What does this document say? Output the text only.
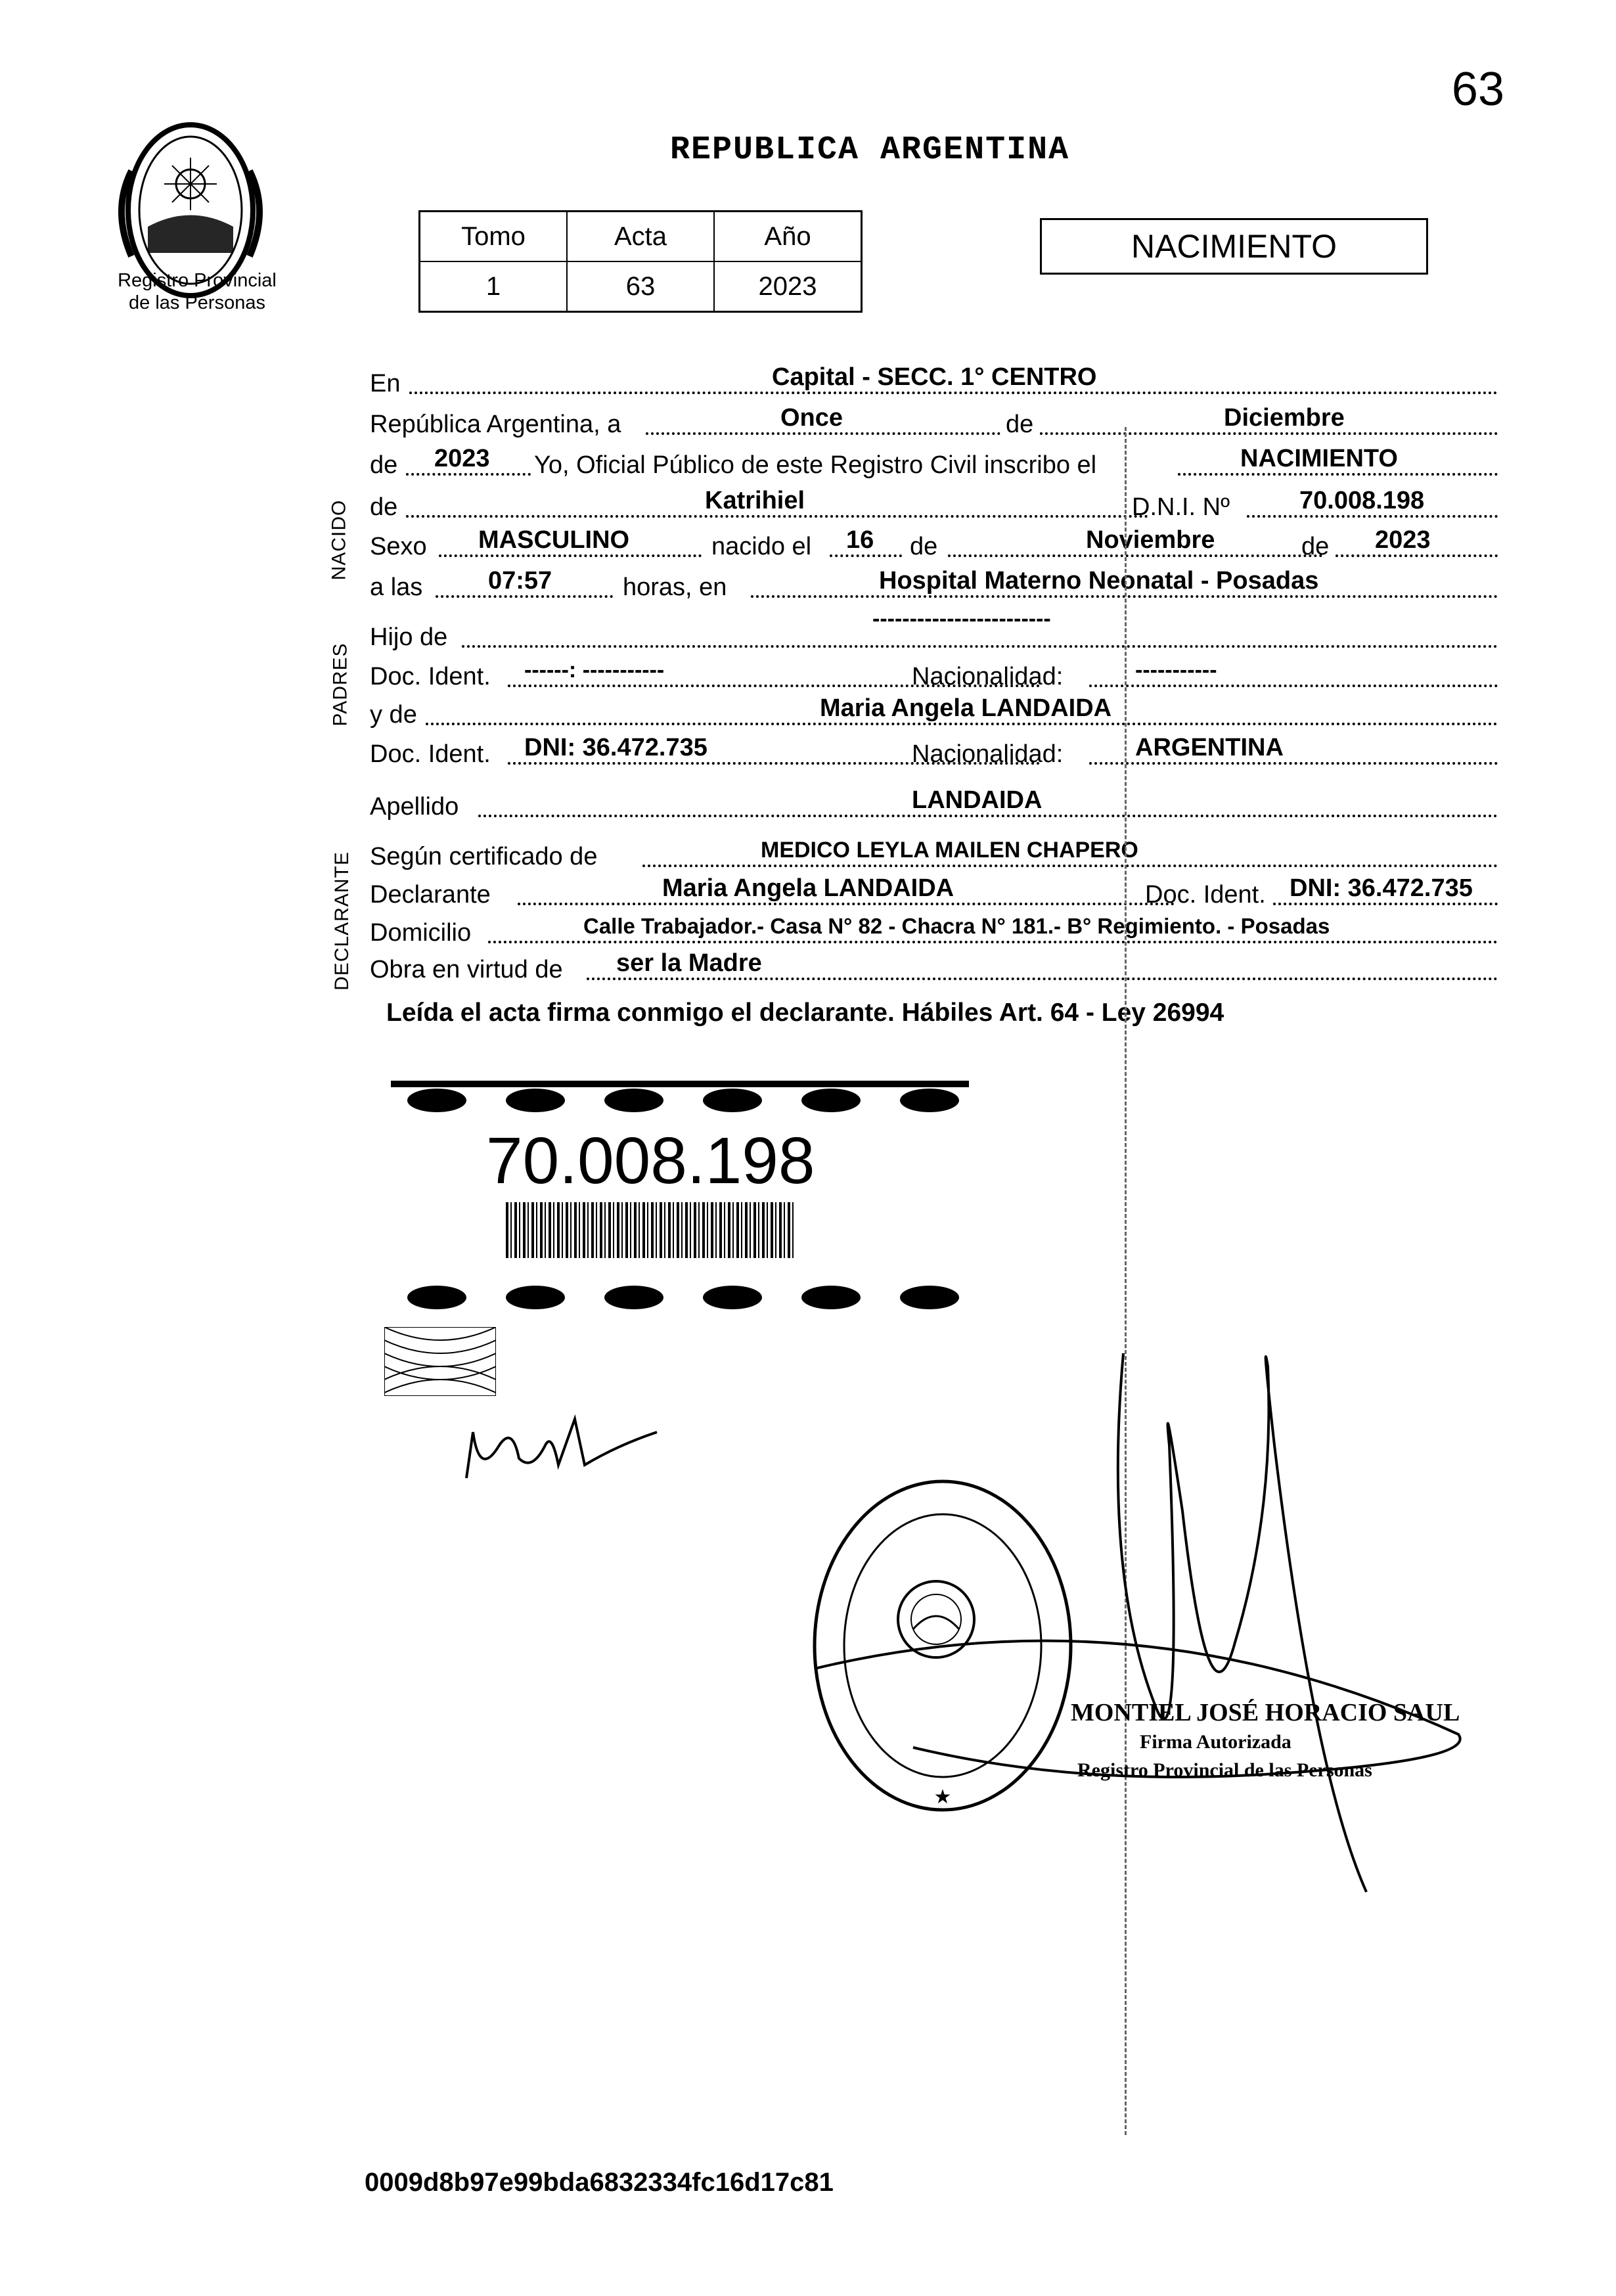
63
Registro Provincial
de las Personas
REPUBLICA ARGENTINA
Tomo	Acta	Año
1	63	2023
NACIMIENTO
NACIDO
PADRES
DECLARANTE
En	Capital - SECC. 1° CENTRO
República Argentina, a	Once	de	Diciembre
de 2023 Yo, Oficial Público de este Registro Civil inscribo el	NACIMIENTO
de	Katrihiel	D.N.I. Nº	70.008.198
Sexo MASCULINO	nacido el 16 de	Noviembre	de 2023
a las	07:57	horas, en	Hospital Materno Neonatal - Posadas
Hijo de
------------------------
Doc. Ident. ------: -----------	Nacionalidad:	-----------
y de	Maria Angela LANDAIDA
Doc. Ident. DNI: 36.472.735	Nacionalidad:	ARGENTINA
Apellido	LANDAIDA
Según certificado de	MEDICO LEYLA MAILEN CHAPERO
Declarante	Maria Angela LANDAIDA	Doc. Ident. DNI: 36.472.735
Domicilio	Calle Trabajador.- Casa N° 82 - Chacra N° 181.- B° Regimiento. - Posadas
Obra en virtud de ser la Madre
Leída el acta firma conmigo el declarante. Hábiles Art. 64 - Ley 26994
70.008.198
★
MONTIEL JOSÉ HORACIO SAUL
Firma Autorizada
Registro Provincial de las Personas
0009d8b97e99bda6832334fc16d17c81
